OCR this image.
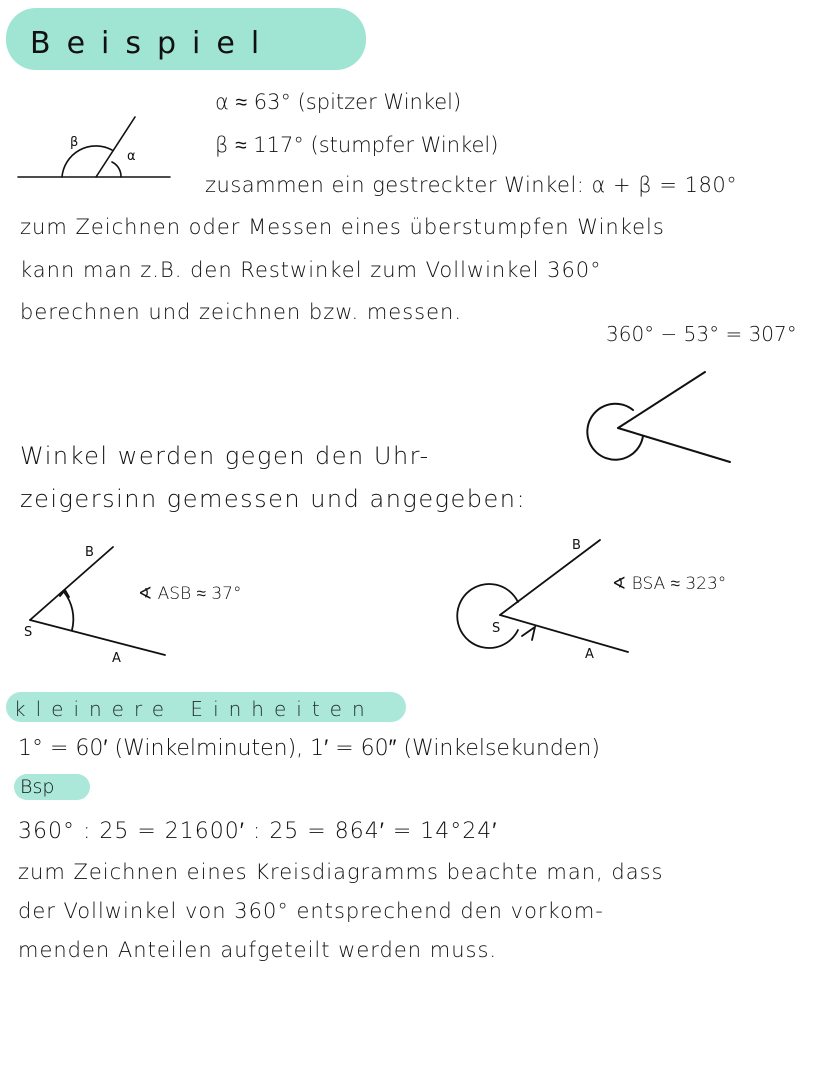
Beispiel
α ≈ 63° (spitzer Winkel)
β ≈ 117° (stumpfer Winkel)
zusammen ein gestreckter Winkel: α + β = 180°
zum Zeichnen oder Messen eines überstumpfen Winkels
kann man z.B. den Restwinkel zum Vollwinkel 360°
berechnen und zeichnen bzw. messen.
360° − 53° = 307°
Winkel werden gegen den Uhr-
zeigersinn gemessen und angegeben:
∢ ASB ≈ 37°	∢ BSA ≈ 323°
kleinere Einheiten
1° = 60′ (Winkelminuten), 1′ = 60″ (Winkelsekunden)
Bsp
360° : 25 = 21600′ : 25 = 864′ = 14°24′
zum Zeichnen eines Kreisdiagramms beachte man, dass
der Vollwinkel von 360° entsprechend den vorkom-
menden Anteilen aufgeteilt werden muss.
α
β
S
A
B
S
A
B
